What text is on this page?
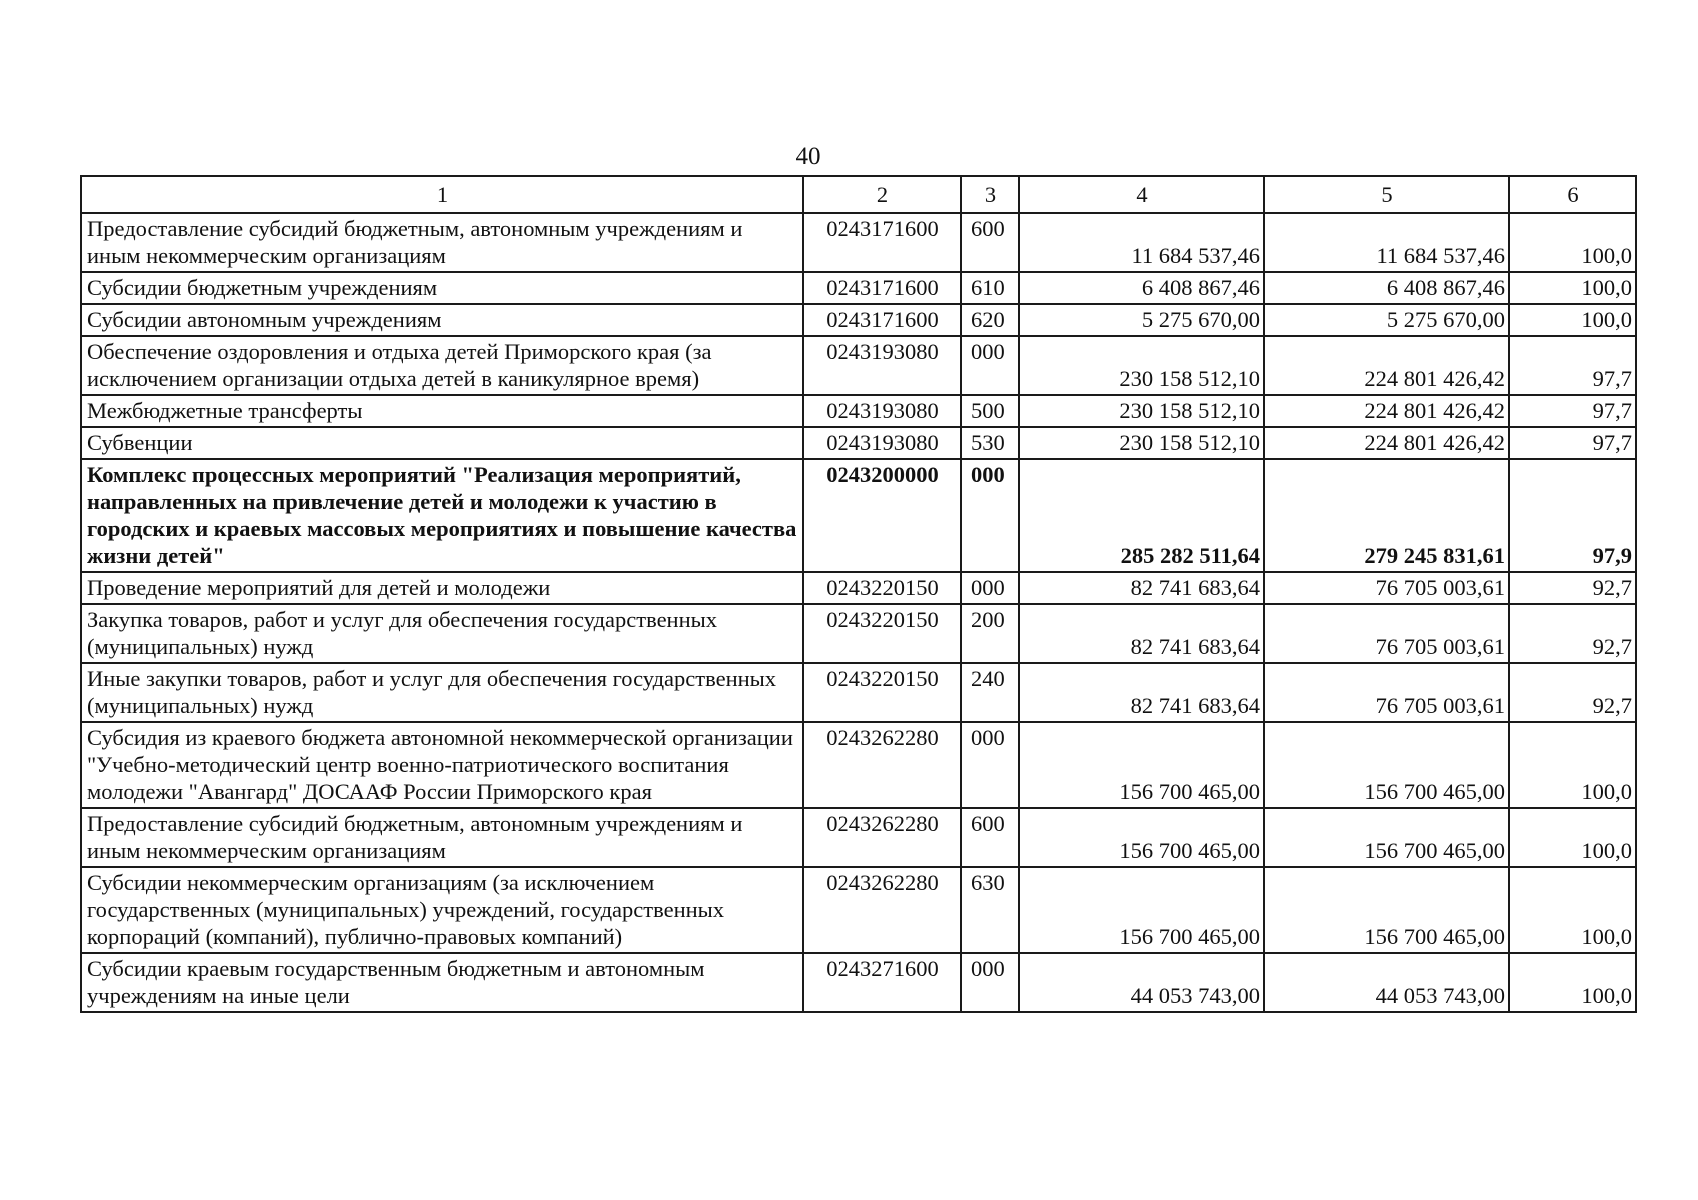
40
1	2	3	4	5	6
Предоставление субсидий бюджетным, автономным учреждениям и иным некоммерческим организациям	0243171600	600	11 684 537,46	11 684 537,46	100,0
Субсидии бюджетным учреждениям	0243171600	610	6 408 867,46	6 408 867,46	100,0
Субсидии автономным учреждениям	0243171600	620	5 275 670,00	5 275 670,00	100,0
Обеспечение оздоровления и отдыха детей Приморского края (за исключением организации отдыха детей в каникулярное время)	0243193080	000	230 158 512,10	224 801 426,42	97,7
Межбюджетные трансферты	0243193080	500	230 158 512,10	224 801 426,42	97,7
Субвенции	0243193080	530	230 158 512,10	224 801 426,42	97,7
Комплекс процессных мероприятий "Реализация мероприятий, направленных на привлечение детей и молодежи к участию в городских и краевых массовых мероприятиях и повышение качества жизни детей"	0243200000	000	285 282 511,64	279 245 831,61	97,9
Проведение мероприятий для детей и молодежи	0243220150	000	82 741 683,64	76 705 003,61	92,7
Закупка товаров, работ и услуг для обеспечения государственных (муниципальных) нужд	0243220150	200	82 741 683,64	76 705 003,61	92,7
Иные закупки товаров, работ и услуг для обеспечения государственных (муниципальных) нужд	0243220150	240	82 741 683,64	76 705 003,61	92,7
Субсидия из краевого бюджета автономной некоммерческой организации "Учебно-методический центр военно-патриотического воспитания молодежи "Авангард" ДОСААФ России Приморского края	0243262280	000	156 700 465,00	156 700 465,00	100,0
Предоставление субсидий бюджетным, автономным учреждениям и иным некоммерческим организациям	0243262280	600	156 700 465,00	156 700 465,00	100,0
Субсидии некоммерческим организациям (за исключением государственных (муниципальных) учреждений, государственных корпораций (компаний), публично-правовых компаний)	0243262280	630	156 700 465,00	156 700 465,00	100,0
Субсидии краевым государственным бюджетным и автономным учреждениям на иные цели	0243271600	000	44 053 743,00	44 053 743,00	100,0
